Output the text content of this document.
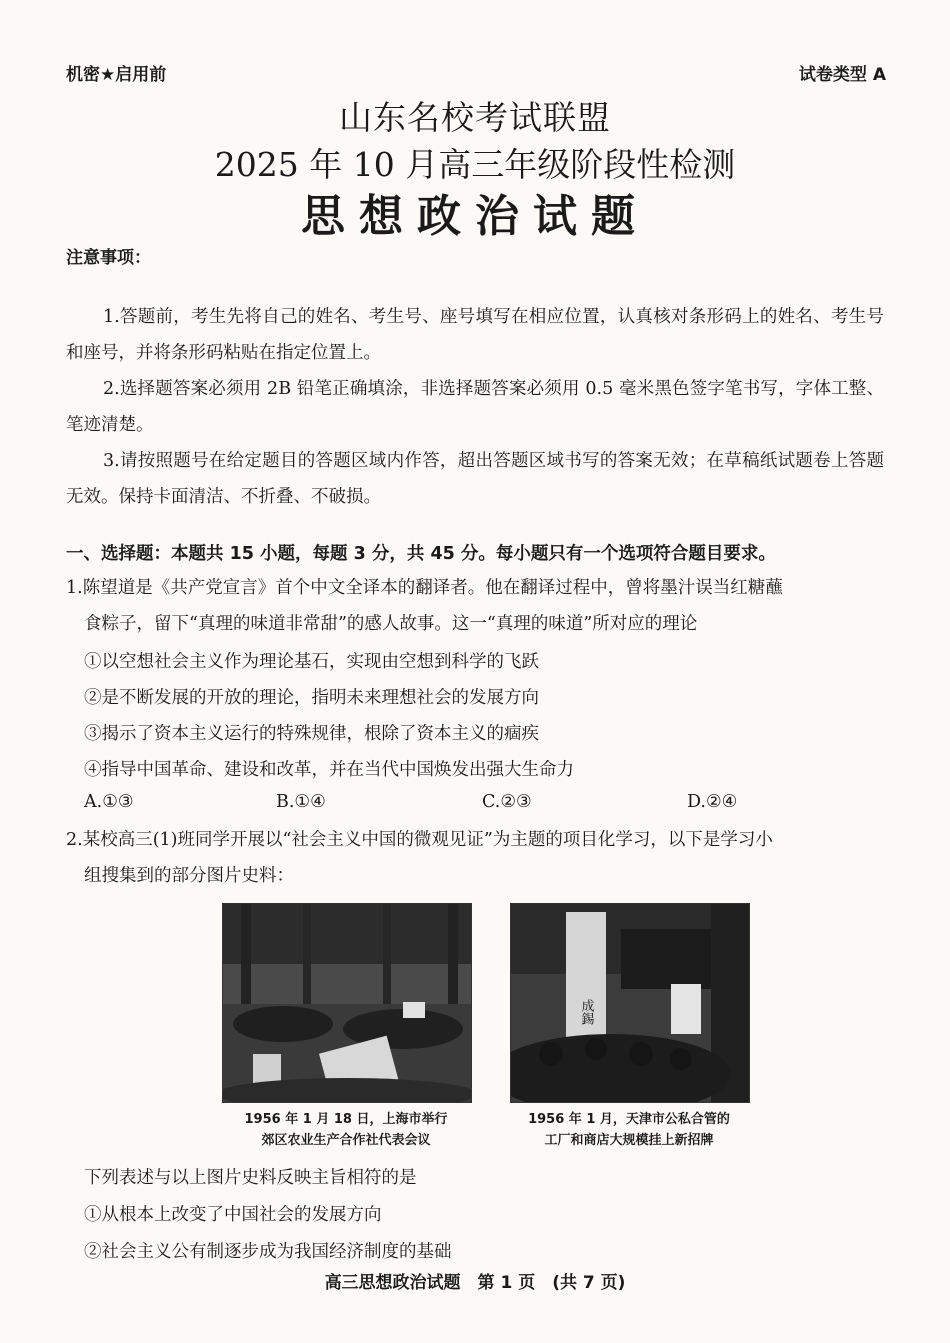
机密★启用前	试卷类型 A
山东名校考试联盟
2025 年 10 月高三年级阶段性检测
思想政治试题
注意事项：
1.答题前，考生先将自己的姓名、考生号、座号填写在相应位置，认真核对条形码上的姓名、考生号和座号，并将条形码粘贴在指定位置上。
2.选择题答案必须用 2B 铅笔正确填涂，非选择题答案必须用 0.5 毫米黑色签字笔书写，字体工整、笔迹清楚。
3.请按照题号在给定题目的答题区域内作答，超出答题区域书写的答案无效；在草稿纸试题卷上答题无效。保持卡面清洁、不折叠、不破损。
一、选择题：本题共 15 小题，每题 3 分，共 45 分。每小题只有一个选项符合题目要求。
1.陈望道是《共产党宣言》首个中文全译本的翻译者。他在翻译过程中，曾将墨汁误当红糖蘸
食粽子，留下“真理的味道非常甜”的感人故事。这一“真理的味道”所对应的理论
①以空想社会主义作为理论基石，实现由空想到科学的飞跃
②是不断发展的开放的理论，指明未来理想社会的发展方向
③揭示了资本主义运行的特殊规律，根除了资本主义的痼疾
④指导中国革命、建设和改革，并在当代中国焕发出强大生命力
A.①③	B.①④	C.②③	D.②④
2.某校高三(1)班同学开展以“社会主义中国的微观见证”为主题的项目化学习，以下是学习小
组搜集到的部分图片史料：
1956 年 1 月 18 日，上海市举行
郊区农业生产合作社代表会议
成錫
1956 年 1 月，天津市公私合管的
工厂和商店大规模挂上新招牌
下列表述与以上图片史料反映主旨相符的是
①从根本上改变了中国社会的发展方向
②社会主义公有制逐步成为我国经济制度的基础
高三思想政治试题　第 1 页　(共 7 页)
